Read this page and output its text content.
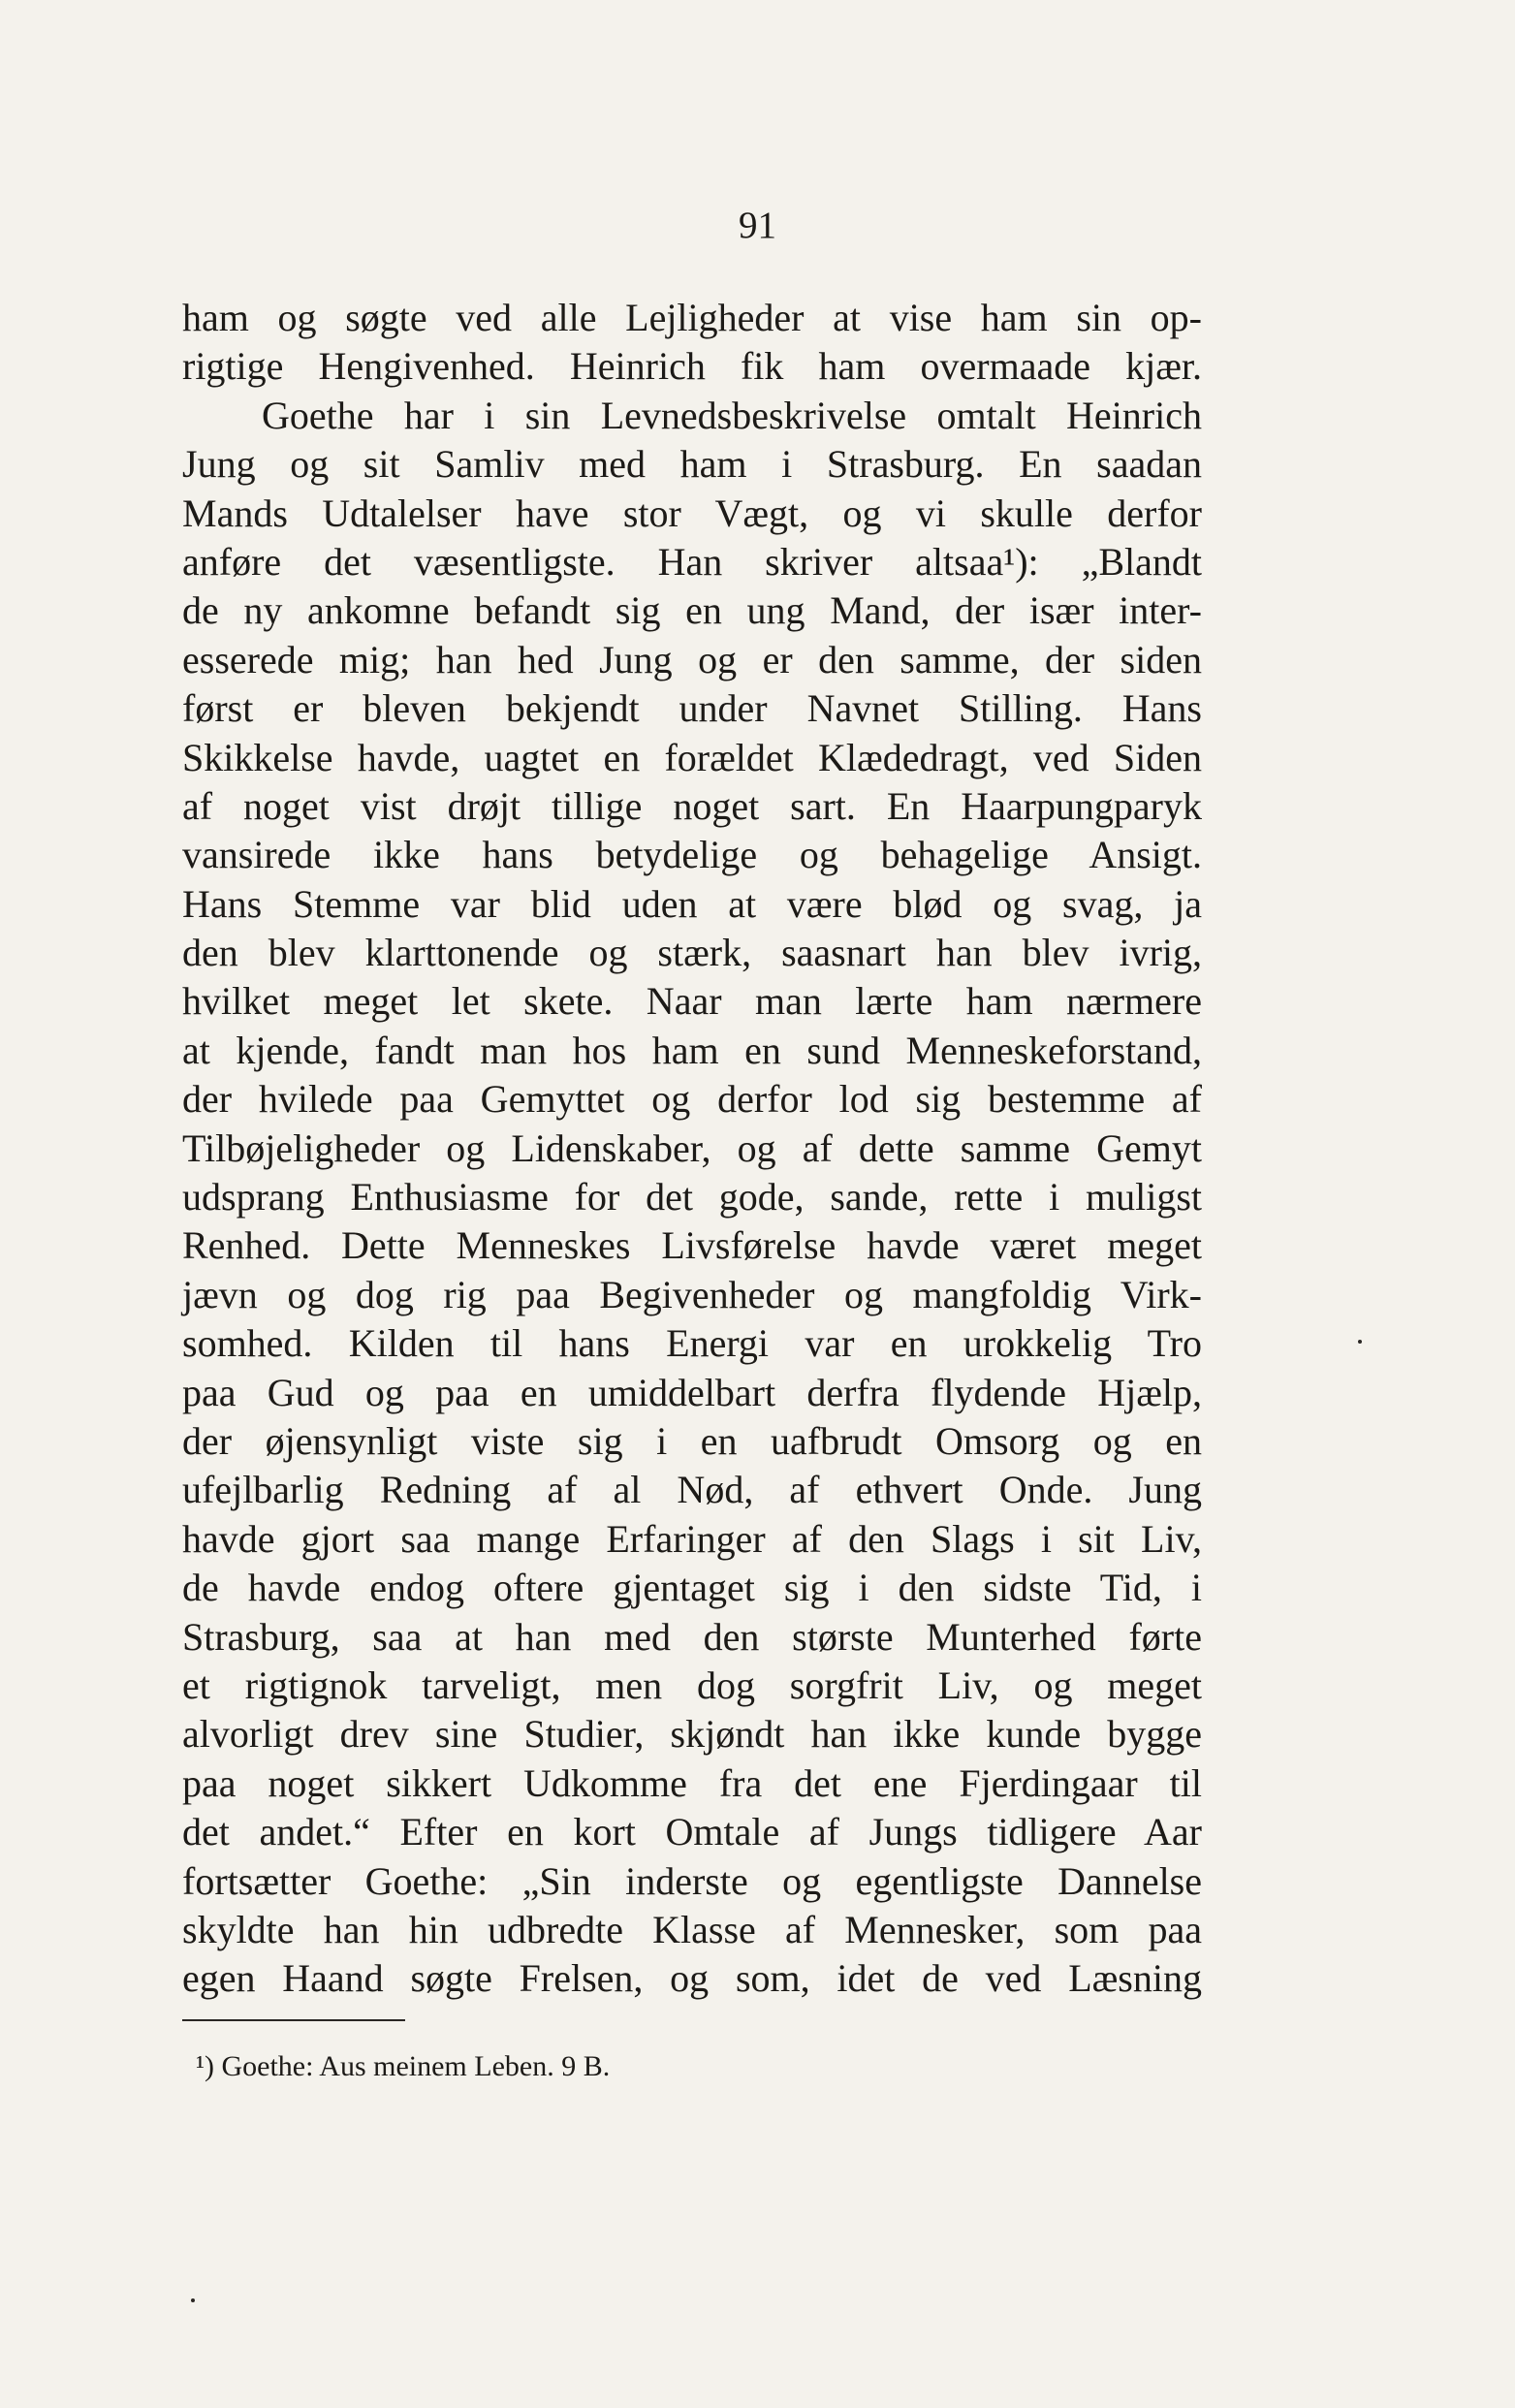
91
ham og søgte ved alle Lejligheder at vise ham sin op-
rigtige Hengivenhed. Heinrich fik ham overmaade kjær.
Goethe har i sin Levnedsbeskrivelse omtalt Heinrich
Jung og sit Samliv med ham i Strasburg. En saadan
Mands Udtalelser have stor Vægt, og vi skulle derfor
anføre det væsentligste. Han skriver altsaa¹): „Blandt
de ny ankomne befandt sig en ung Mand, der især inter-
esserede mig; han hed Jung og er den samme, der siden
først er bleven bekjendt under Navnet Stilling. Hans
Skikkelse havde, uagtet en forældet Klædedragt, ved Siden
af noget vist drøjt tillige noget sart. En Haarpungparyk
vansirede ikke hans betydelige og behagelige Ansigt.
Hans Stemme var blid uden at være blød og svag, ja
den blev klarttonende og stærk, saasnart han blev ivrig,
hvilket meget let skete. Naar man lærte ham nærmere
at kjende, fandt man hos ham en sund Menneskeforstand,
der hvilede paa Gemyttet og derfor lod sig bestemme af
Tilbøjeligheder og Lidenskaber, og af dette samme Gemyt
udsprang Enthusiasme for det gode, sande, rette i muligst
Renhed. Dette Menneskes Livsførelse havde været meget
jævn og dog rig paa Begivenheder og mangfoldig Virk-
somhed. Kilden til hans Energi var en urokkelig Tro
paa Gud og paa en umiddelbart derfra flydende Hjælp,
der øjensynligt viste sig i en uafbrudt Omsorg og en
ufejlbarlig Redning af al Nød, af ethvert Onde. Jung
havde gjort saa mange Erfaringer af den Slags i sit Liv,
de havde endog oftere gjentaget sig i den sidste Tid, i
Strasburg, saa at han med den største Munterhed førte
et rigtignok tarveligt, men dog sorgfrit Liv, og meget
alvorligt drev sine Studier, skjøndt han ikke kunde bygge
paa noget sikkert Udkomme fra det ene Fjerdingaar til
det andet.“ Efter en kort Omtale af Jungs tidligere Aar
fortsætter Goethe: „Sin inderste og egentligste Dannelse
skyldte han hin udbredte Klasse af Mennesker, som paa
egen Haand søgte Frelsen, og som, idet de ved Læsning
¹) Goethe: Aus meinem Leben. 9 B.
